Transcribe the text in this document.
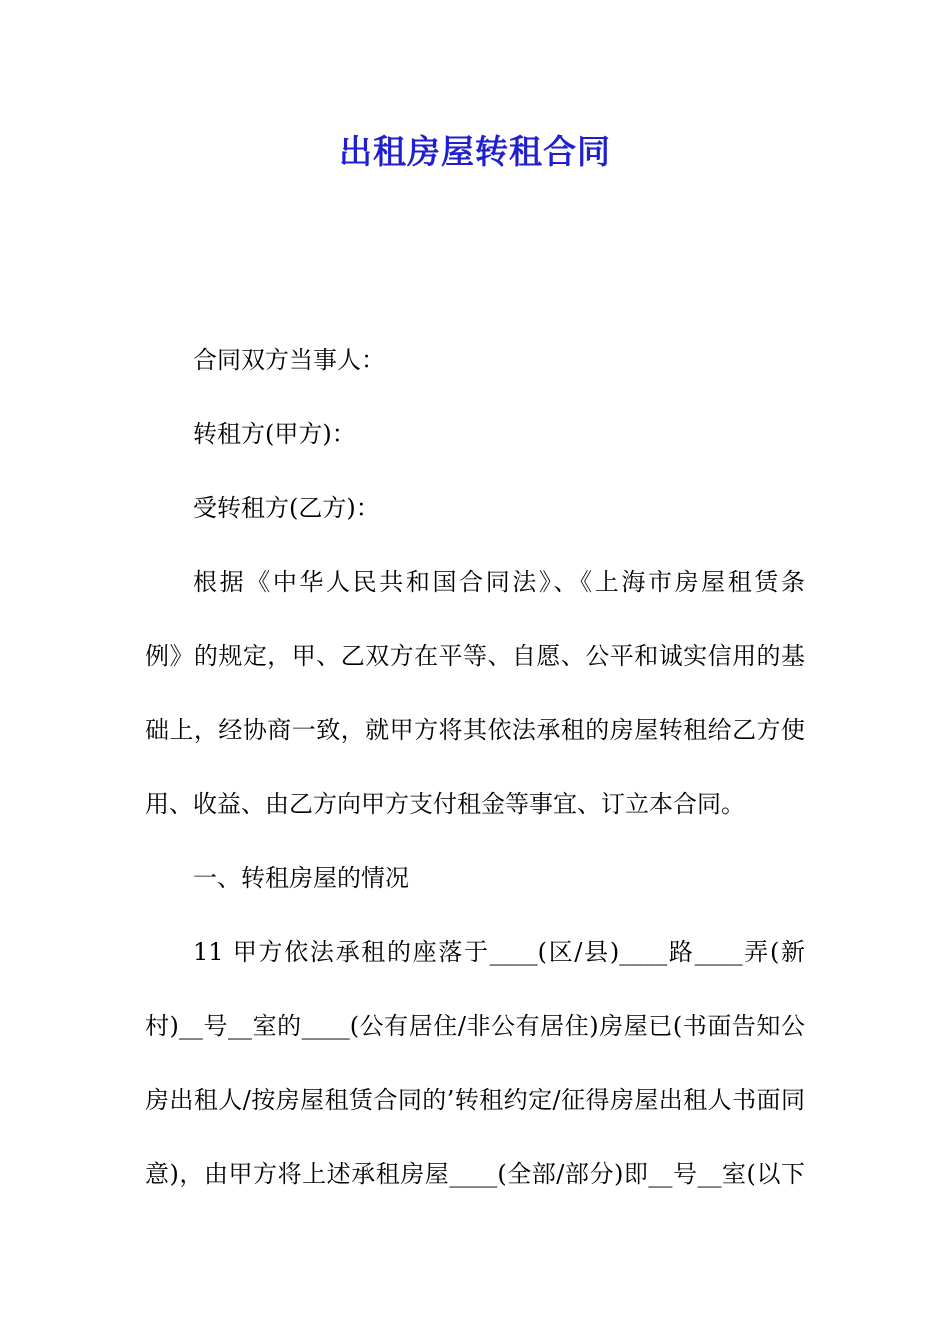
出租房屋转租合同
合同双方当事人：
转租方(甲方)：
受转租方(乙方)：
根据《中华人民共和国合同法》、《上海市房屋租赁条
例》的规定，甲、乙双方在平等、自愿、公平和诚实信用的基
础上，经协商一致，就甲方将其依法承租的房屋转租给乙方使
用、收益、由乙方向甲方支付租金等事宜、订立本合同。
一、转租房屋的情况
11 甲方依法承租的座落于____(区/县)____路____弄(新
村)__号__室的____(公有居住/非公有居住)房屋已(书面告知公
房出租人/按房屋租赁合同的’转租约定/征得房屋出租人书面同
意)，由甲方将上述承租房屋____(全部/部分)即__号__室(以下
